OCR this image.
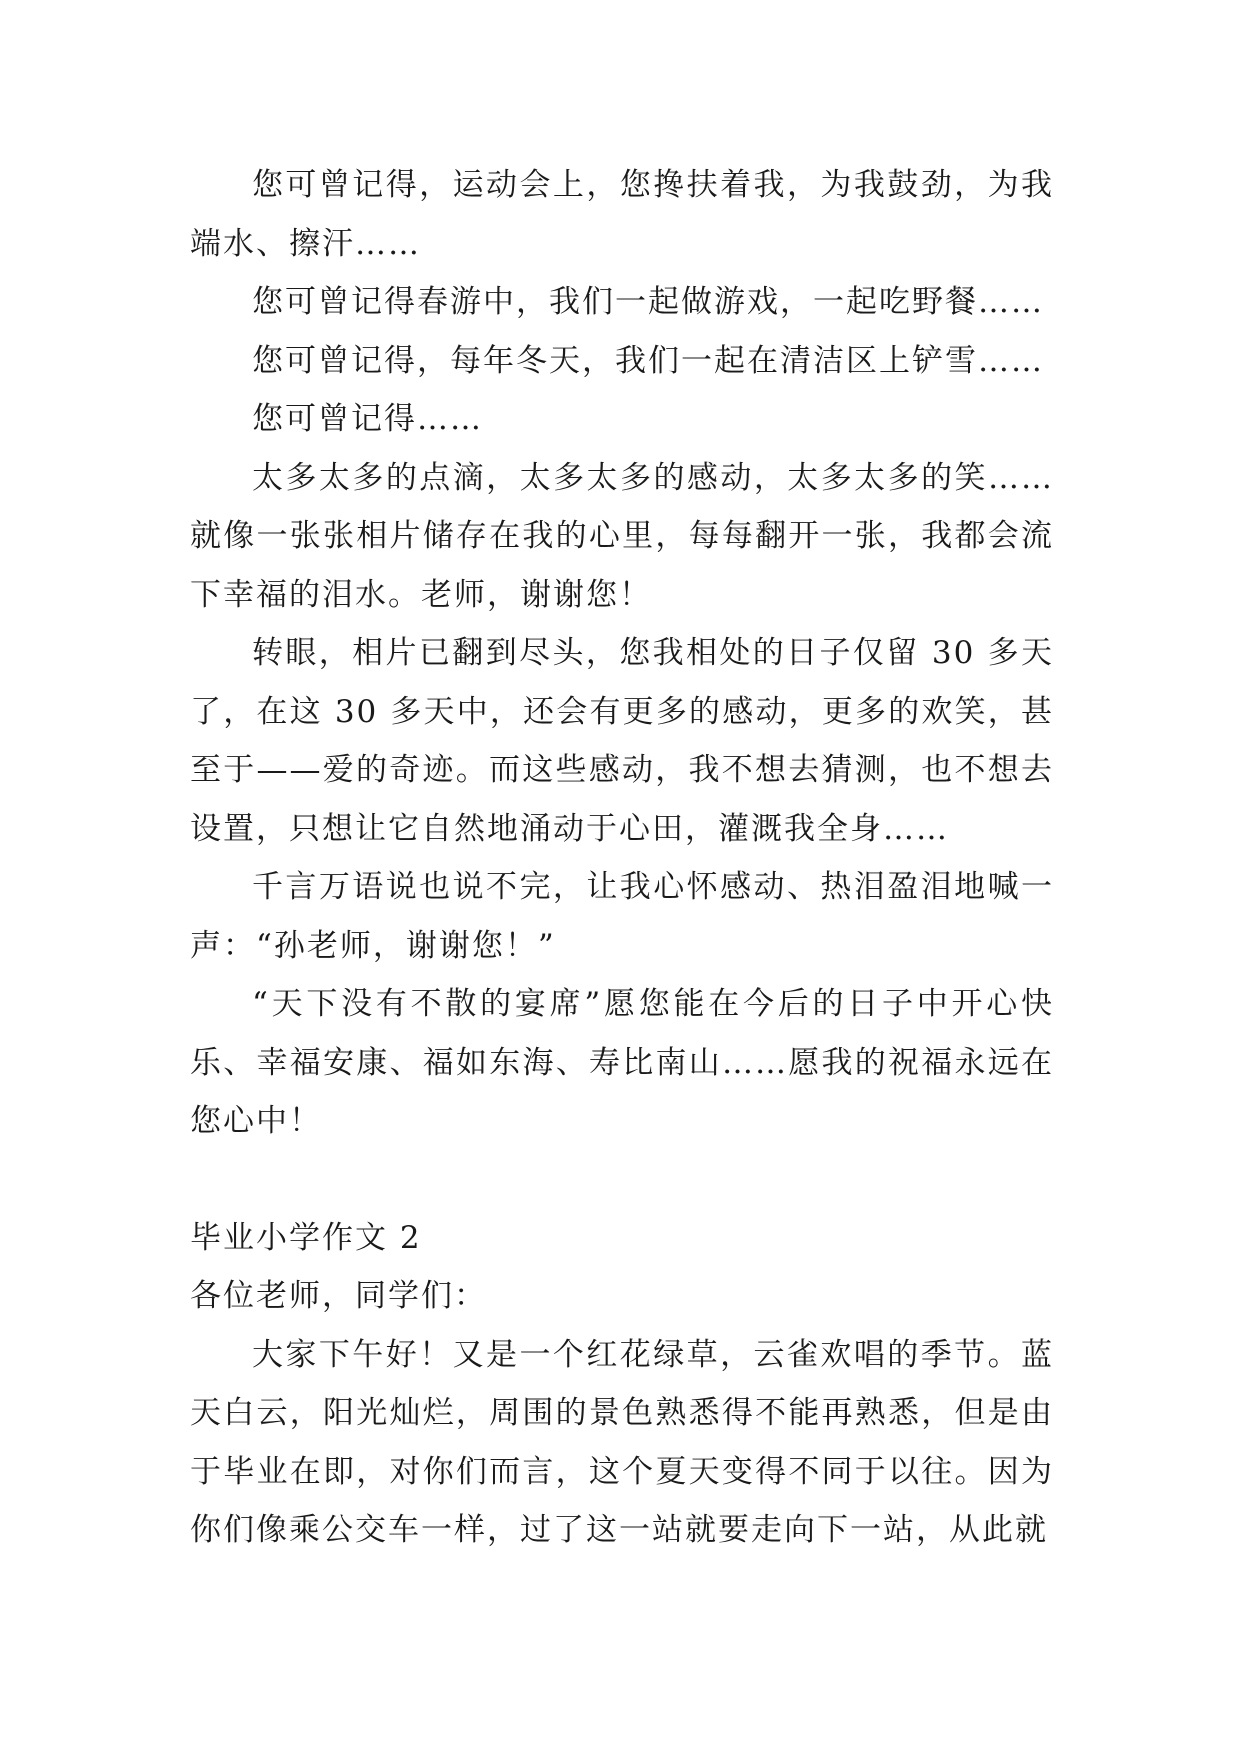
您可曾记得，运动会上，您搀扶着我，为我鼓劲，为我端水、擦汗……

您可曾记得春游中，我们一起做游戏，一起吃野餐……

您可曾记得，每年冬天，我们一起在清洁区上铲雪……

您可曾记得……

太多太多的点滴，太多太多的感动，太多太多的笑……就像一张张相片储存在我的心里，每每翻开一张，我都会流下幸福的泪水。老师，谢谢您！

转眼，相片已翻到尽头，您我相处的日子仅留 30 多天了，在这 30 多天中，还会有更多的感动，更多的欢笑，甚至于——爱的奇迹。而这些感动，我不想去猜测，也不想去设置，只想让它自然地涌动于心田，灌溉我全身……

千言万语说也说不完，让我心怀感动、热泪盈泪地喊一声：“孙老师，谢谢您！”

“天下没有不散的宴席”愿您能在今后的日子中开心快乐、幸福安康、福如东海、寿比南山……愿我的祝福永远在您心中！

毕业小学作文 2

各位老师，同学们：

大家下午好！又是一个红花绿草，云雀欢唱的季节。蓝天白云，阳光灿烂，周围的景色熟悉得不能再熟悉，但是由于毕业在即，对你们而言，这个夏天变得不同于以往。因为你们像乘公交车一样，过了这一站就要走向下一站，从此就
